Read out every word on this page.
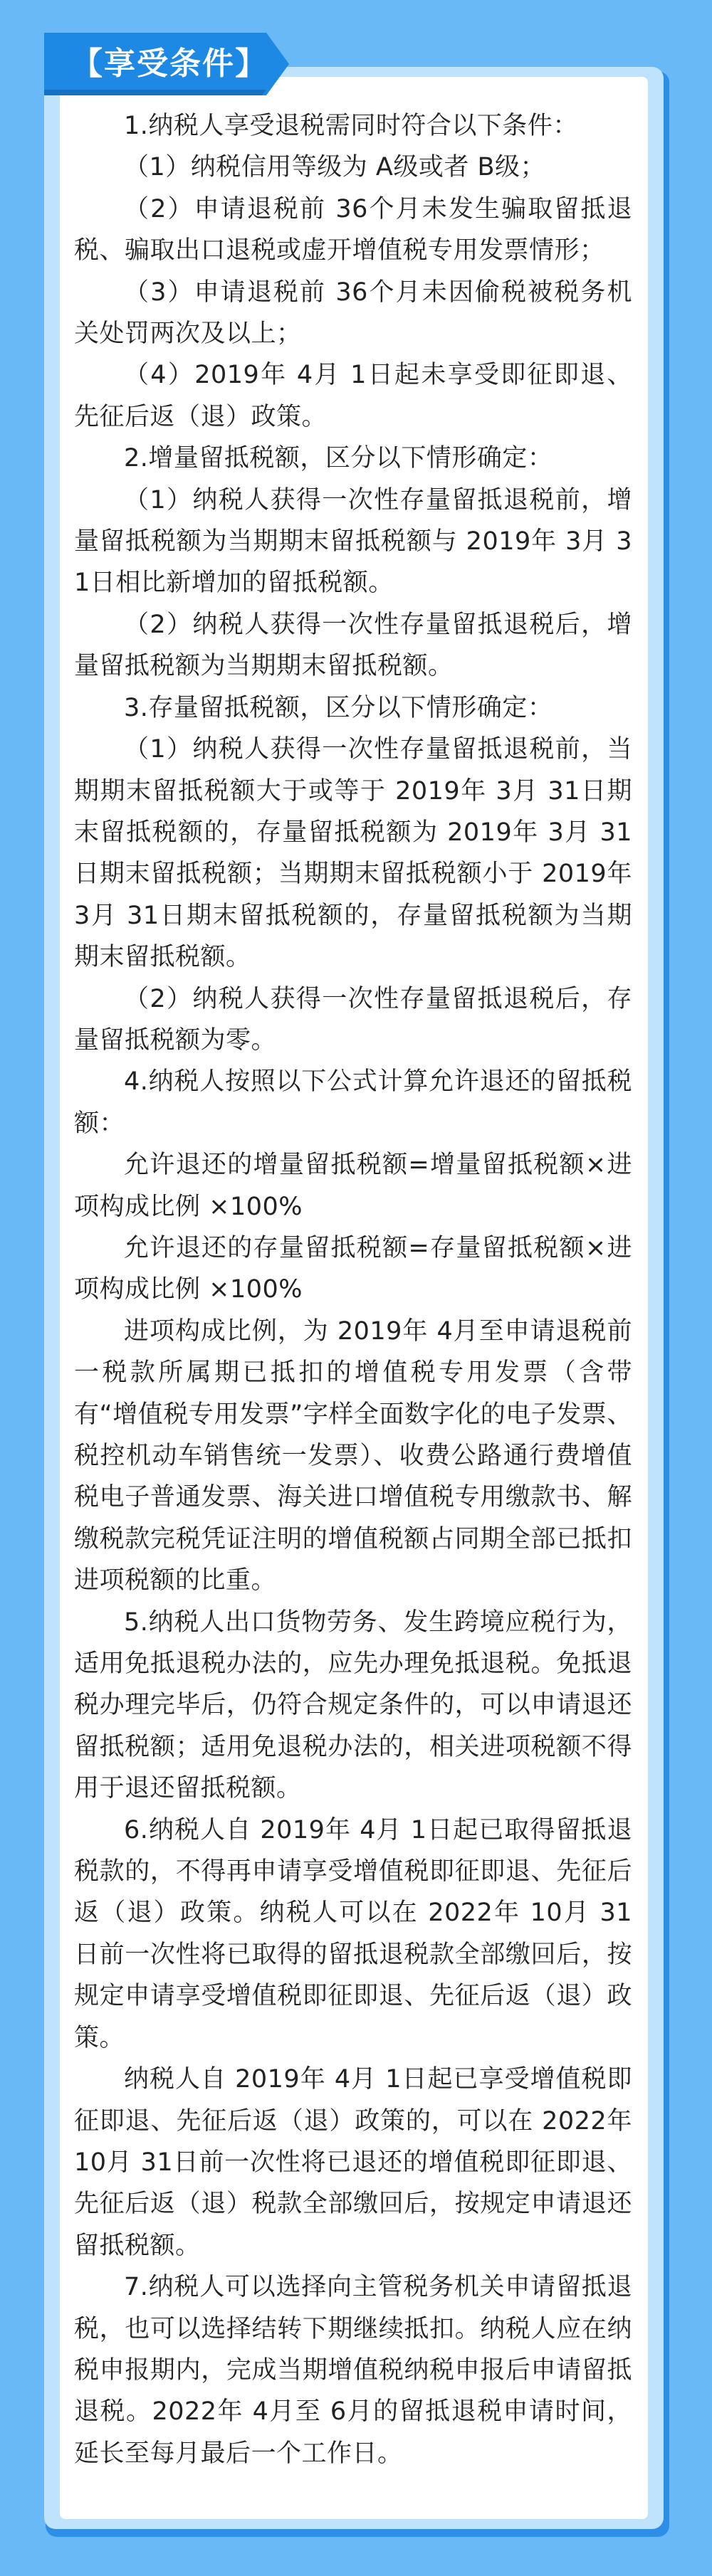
【享受条件】

1.纳税人享受退税需同时符合以下条件：

（1）纳税信用等级为 A级或者 B级；

（2）申请退税前 36个月未发生骗取留抵退税、骗取出口退税或虚开增值税专用发票情形；

（3）申请退税前 36个月未因偷税被税务机关处罚两次及以上；

（4）2019年 4月 1日起未享受即征即退、先征后返（退）政策。

2.增量留抵税额，区分以下情形确定：

（1）纳税人获得一次性存量留抵退税前，增量留抵税额为当期期末留抵税额与 2019年 3月 31日相比新增加的留抵税额。

（2）纳税人获得一次性存量留抵退税后，增量留抵税额为当期期末留抵税额。

3.存量留抵税额，区分以下情形确定：

（1）纳税人获得一次性存量留抵退税前，当期期末留抵税额大于或等于 2019年 3月 31日期末留抵税额的，存量留抵税额为 2019年 3月 31日期末留抵税额；当期期末留抵税额小于 2019年 3月 31日期末留抵税额的，存量留抵税额为当期期末留抵税额。

（2）纳税人获得一次性存量留抵退税后，存量留抵税额为零。

4.纳税人按照以下公式计算允许退还的留抵税额：

允许退还的增量留抵税额=增量留抵税额×进项构成比例 ×100%

允许退还的存量留抵税额=存量留抵税额×进项构成比例 ×100%

进项构成比例，为 2019年 4月至申请退税前一税款所属期已抵扣的增值税专用发票（含带有“增值税专用发票”字样全面数字化的电子发票、税控机动车销售统一发票）、收费公路通行费增值税电子普通发票、海关进口增值税专用缴款书、解缴税款完税凭证注明的增值税额占同期全部已抵扣进项税额的比重。

5.纳税人出口货物劳务、发生跨境应税行为，适用免抵退税办法的，应先办理免抵退税。免抵退税办理完毕后，仍符合规定条件的，可以申请退还留抵税额；适用免退税办法的，相关进项税额不得用于退还留抵税额。

6.纳税人自 2019年 4月 1日起已取得留抵退税款的，不得再申请享受增值税即征即退、先征后返（退）政策。纳税人可以在 2022年 10月 31日前一次性将已取得的留抵退税款全部缴回后，按规定申请享受增值税即征即退、先征后返（退）政策。

纳税人自 2019年 4月 1日起已享受增值税即征即退、先征后返（退）政策的，可以在 2022年 10月 31日前一次性将已退还的增值税即征即退、先征后返（退）税款全部缴回后，按规定申请退还留抵税额。

7.纳税人可以选择向主管税务机关申请留抵退税，也可以选择结转下期继续抵扣。纳税人应在纳税申报期内，完成当期增值税纳税申报后申请留抵退税。2022年 4月至 6月的留抵退税申请时间，延长至每月最后一个工作日。
